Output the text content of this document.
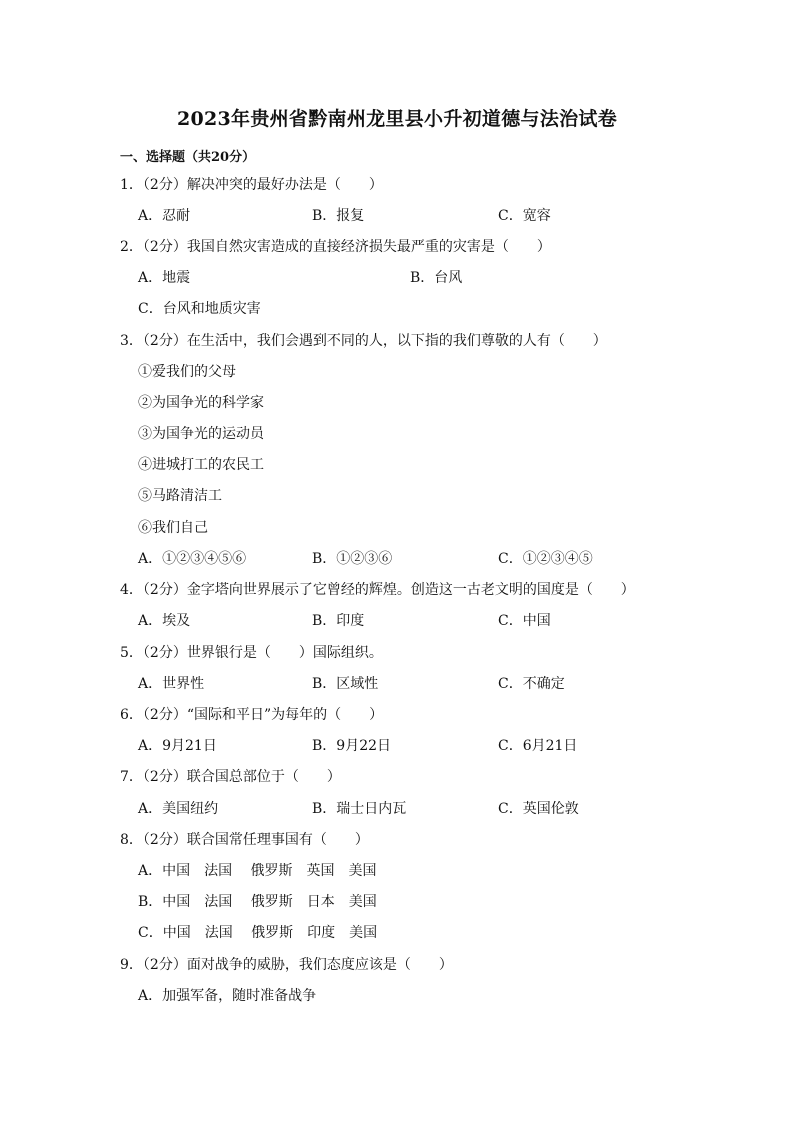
2023年贵州省黔南州龙里县小升初道德与法治试卷
一、选择题（共20分）
1．（2分）解决冲突的最好办法是（　　）
A．忍耐	B．报复	C．宽容
2．（2分）我国自然灾害造成的直接经济损失最严重的灾害是（　　）
A．地震	B．台风
C．台风和地质灾害
3．（2分）在生活中，我们会遇到不同的人，以下指的我们尊敬的人有（　　）
①爱我们的父母
②为国争光的科学家
③为国争光的运动员
④进城打工的农民工
⑤马路清洁工
⑥我们自己
A．①②③④⑤⑥	B．①②③⑥	C．①②③④⑤
4．（2分）金字塔向世界展示了它曾经的辉煌。创造这一古老文明的国度是（　　）
A．埃及	B．印度	C．中国
5．（2分）世界银行是（　　）国际组织。
A．世界性	B．区域性	C．不确定
6．（2分）“国际和平日”为每年的（　　）
A．9月21日	B．9月22日	C．6月21日
7．（2分）联合国总部位于（　　）
A．美国纽约	B．瑞士日内瓦	C．英国伦敦
8．（2分）联合国常任理事国有（　　）
A．中国　法国　 俄罗斯　英国　美国
B．中国　法国　 俄罗斯　日本　美国
C．中国　法国　 俄罗斯　印度　美国
9．（2分）面对战争的威胁，我们态度应该是（　　）
A．加强军备，随时准备战争
